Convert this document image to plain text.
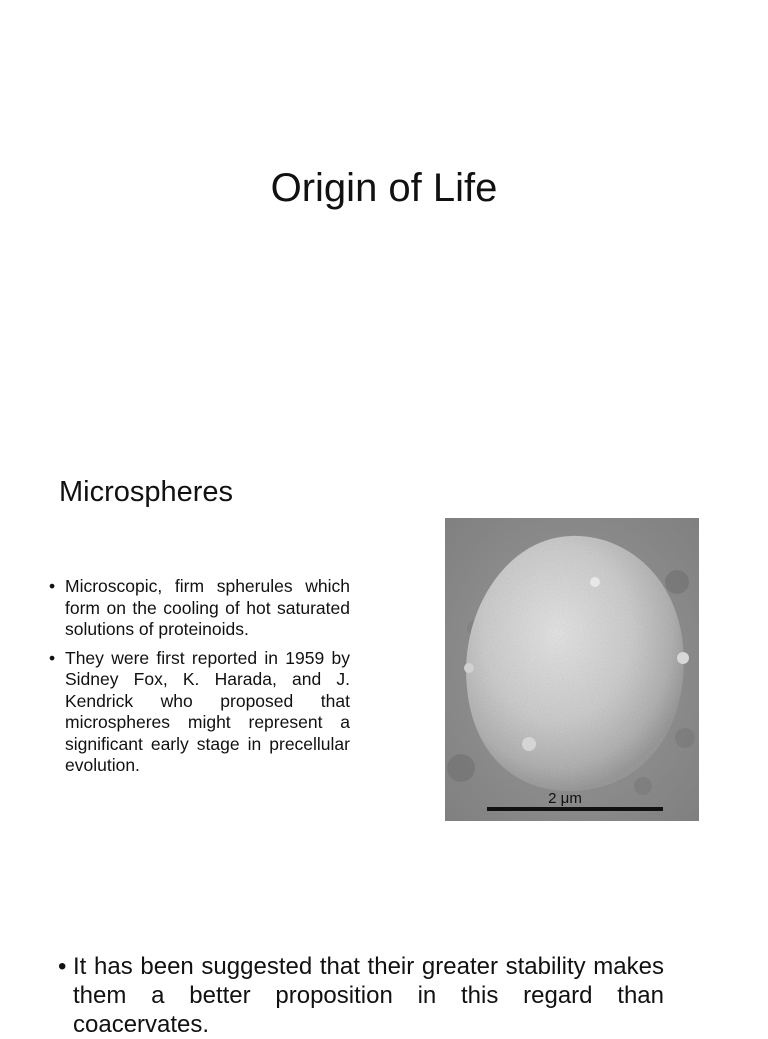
Origin of Life
Microspheres
• Microscopic, firm spherules which form on the cooling of hot saturated solutions of proteinoids.
• They were first reported in 1959 by Sidney Fox, K. Harada, and J. Kendrick who proposed that microspheres might represent a significant early stage in precellular evolution.
2 μm
• It has been suggested that their greater stability makes them a better proposition in this regard than coacervates.
